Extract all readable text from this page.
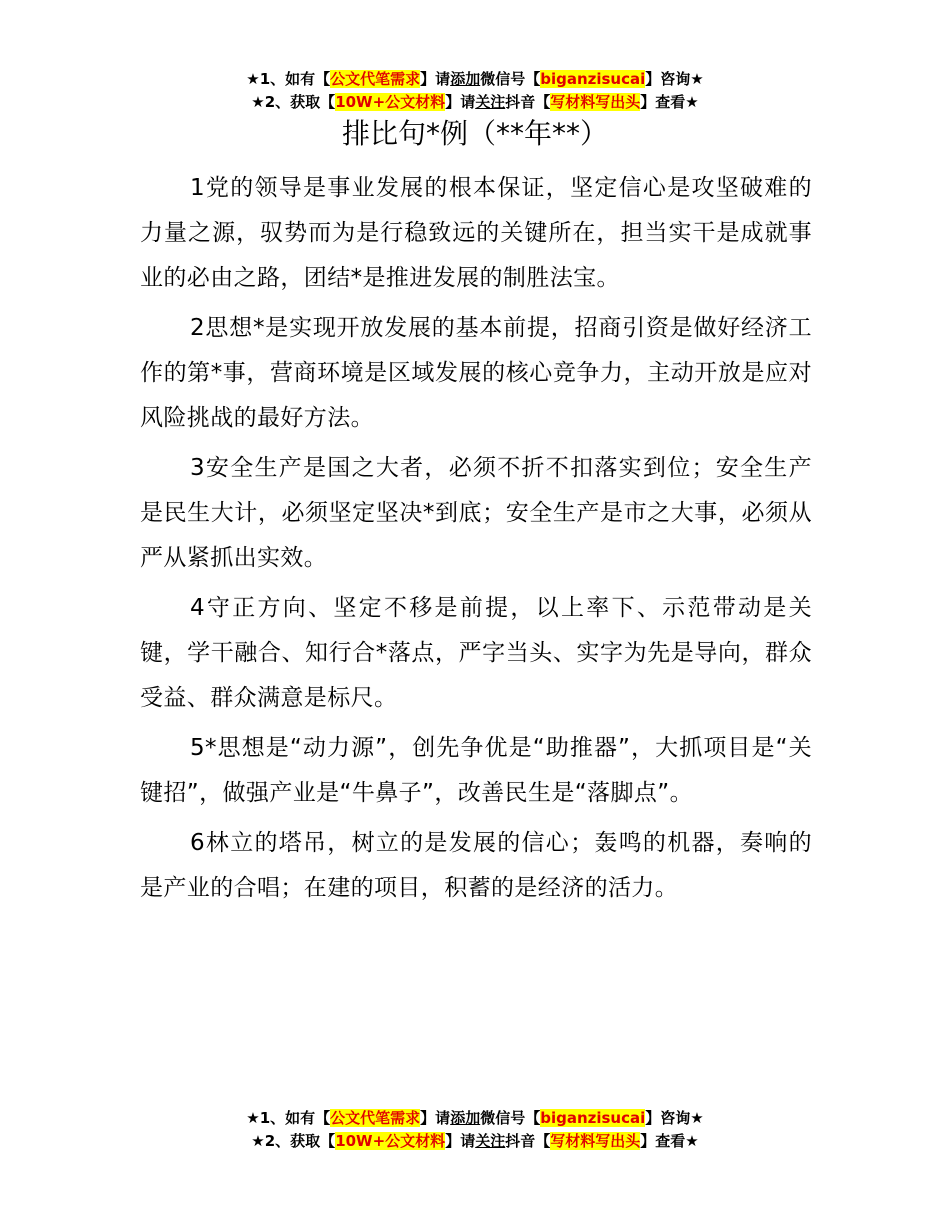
★1、如有【公文代笔需求】请添加微信号【biganzisucai】咨询★
★2、获取【10W+公文材料】请关注抖音【写材料写出头】查看★
排比句*例（**年**）

1党的领导是事业发展的根本保证，坚定信心是攻坚破难的力量之源，驭势而为是行稳致远的关键所在，担当实干是成就事业的必由之路，团结*是推进发展的制胜法宝。

2思想*是实现开放发展的基本前提，招商引资是做好经济工作的第*事，营商环境是区域发展的核心竞争力，主动开放是应对风险挑战的最好方法。

3安全生产是国之大者，必须不折不扣落实到位；安全生产是民生大计，必须坚定坚决*到底；安全生产是市之大事，必须从严从紧抓出实效。

4守正方向、坚定不移是前提，以上率下、示范带动是关键，学干融合、知行合*落点，严字当头、实字为先是导向，群众受益、群众满意是标尺。

5*思想是“动力源”，创先争优是“助推器”，大抓项目是“关键招”，做强产业是“牛鼻子”，改善民生是“落脚点”。

6林立的塔吊，树立的是发展的信心；轰鸣的机器，奏响的是产业的合唱；在建的项目，积蓄的是经济的活力。

★1、如有【公文代笔需求】请添加微信号【biganzisucai】咨询★
★2、获取【10W+公文材料】请关注抖音【写材料写出头】查看★
